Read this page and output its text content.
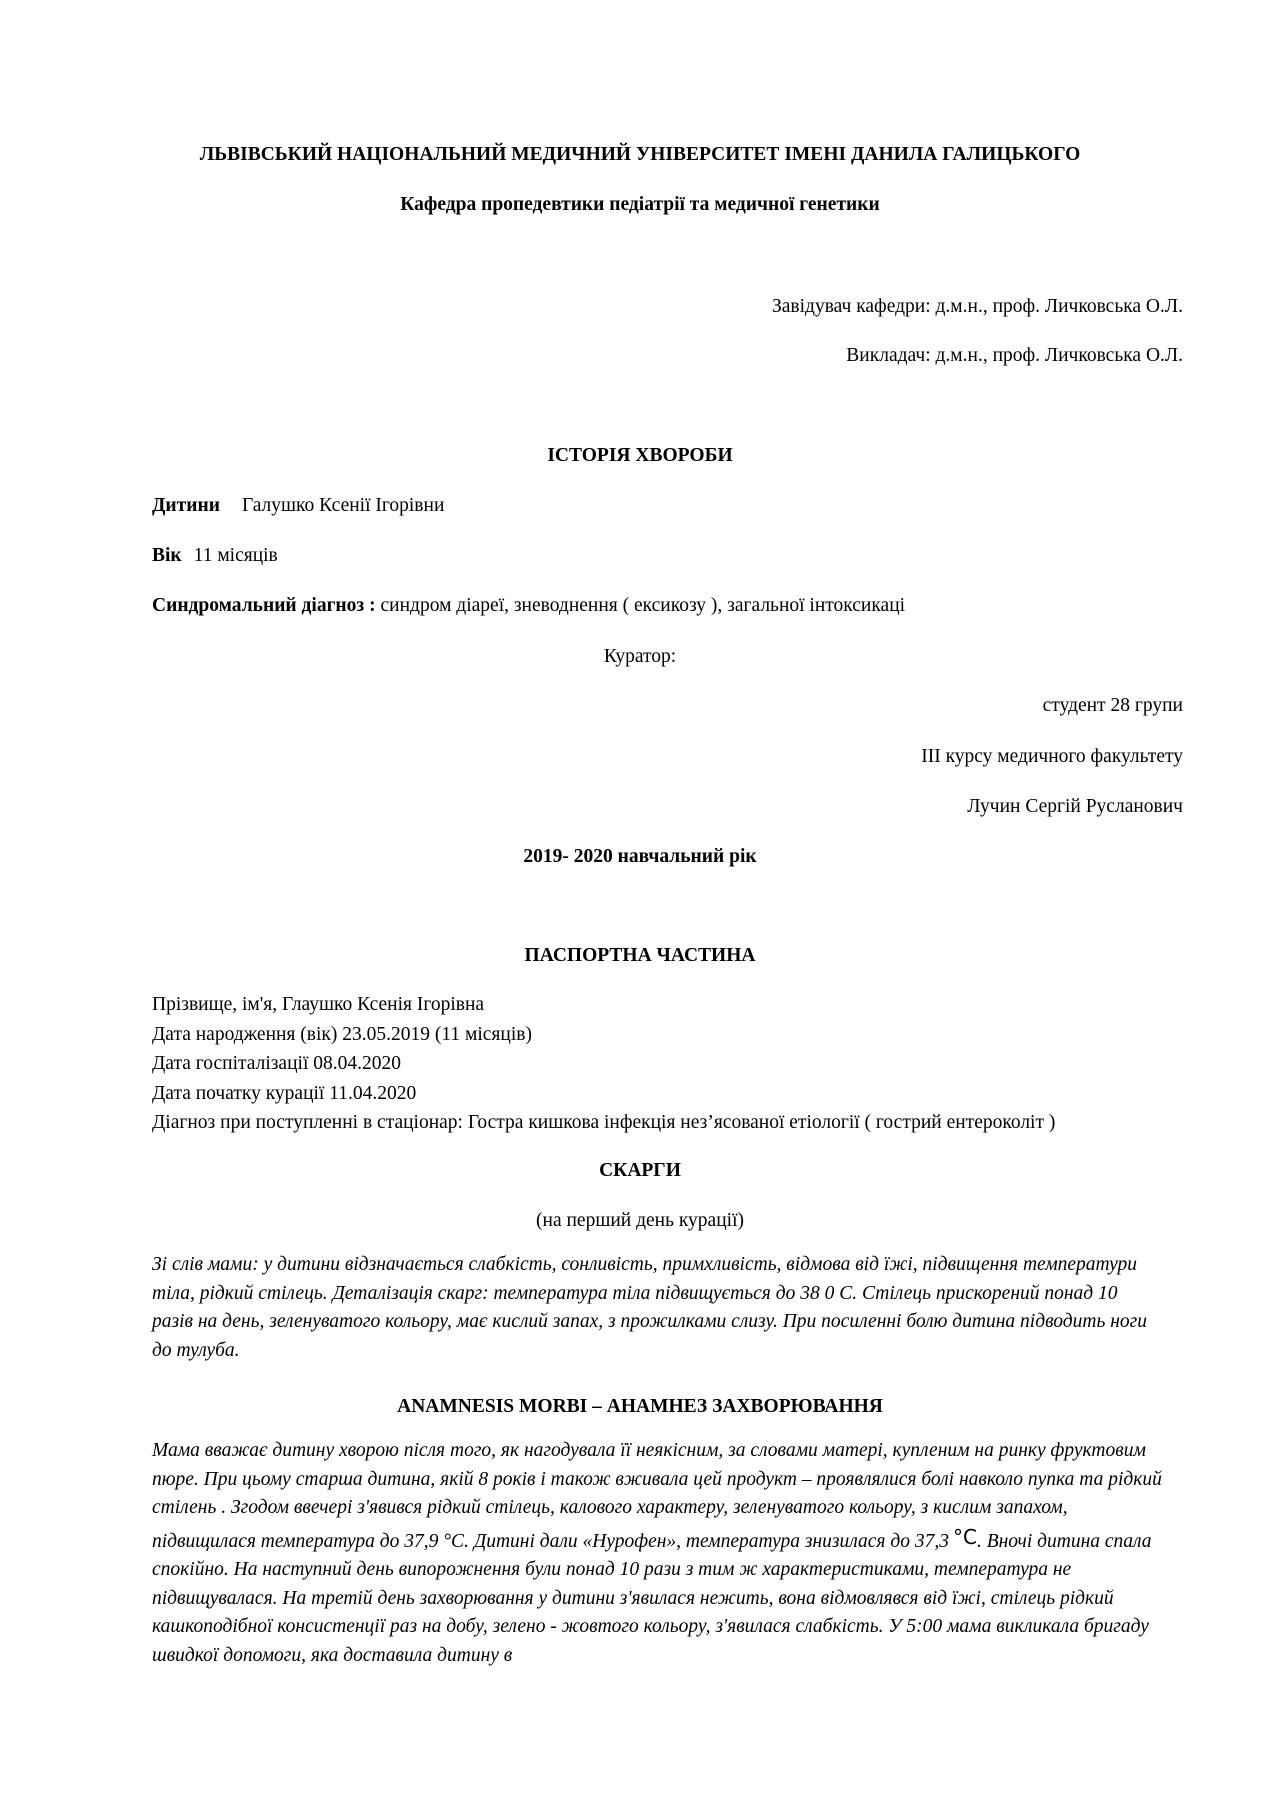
ЛЬВІВСЬКИЙ НАЦІОНАЛЬНИЙ МЕДИЧНИЙ УНІВЕРСИТЕТ ІМЕНІ ДАНИЛА ГАЛИЦЬКОГО
Кафедра пропедевтики педіатрії та медичної генетики
Завідувач кафедри: д.м.н., проф. Личковська О.Л.
Викладач: д.м.н., проф. Личковська О.Л.
ІСТОРІЯ ХВОРОБИ
Дитини Галушко Ксенії Ігорівни
Вік 11 місяців
Синдромальний діагноз : синдром діареї, зневоднення ( ексикозу ), загальної інтоксикаці
Куратор:
студент 28 групи
ІІІ курсу медичного факультету
Лучин Сергій Русланович
2019- 2020 навчальний рік
ПАСПОРТНА ЧАСТИНА
Прізвище, ім'я, Глаушко Ксенія Ігорівна
Дата народження (вік) 23.05.2019 (11 місяців)
Дата госпіталізації 08.04.2020
Дата початку курації 11.04.2020
Діагноз при поступленні в стаціонар: Гостра кишкова інфекція нез’ясованої етіології ( гострий ентероколіт )
СКАРГИ
(на перший день курації)
Зі слів мами: у дитини відзначається слабкість, сонливість, примхливість, відмова від їжі, підвищення температури тіла, рідкий стілець. Деталізація скарг: температура тіла підвищується до 38 0 С. Стілець прискорений понад 10 разів на день, зеленуватого кольору, має кислий запах, з прожилками слизу. При посиленні болю дитина підводить ноги до тулуба.
ANAMNESIS MORBI – АНАМНЕЗ ЗАХВОРЮВАННЯ
Мама вважає дитину хворою після того, як нагодувала її неякісним, за словами матері, купленим на ринку фруктовим пюре. При цьому старша дитина, якій 8 років і також вживала цей продукт – проявлялися болі навколо пупка та рідкий стілень . Згодом ввечері з'явився рідкий стілець, калового характеру, зеленуватого кольору, з кислим запахом, підвищилася температура до 37,9 °С. Дитині дали «Нурофен», температура знизилася до 37,3 °С. Вночі дитина спала спокійно. На наступний день випорожнення були понад 10 рази з тим ж характеристиками, температура не підвищувалася. На третій день захворювання у дитини з'явилася нежить, вона відмовлявся від їжі, стілець рідкий кашкоподібної консистенції раз на добу, зелено - жовтого кольору, з'явилася слабкість. У 5:00 мама викликала бригаду швидкої допомоги, яка доставила дитину в
